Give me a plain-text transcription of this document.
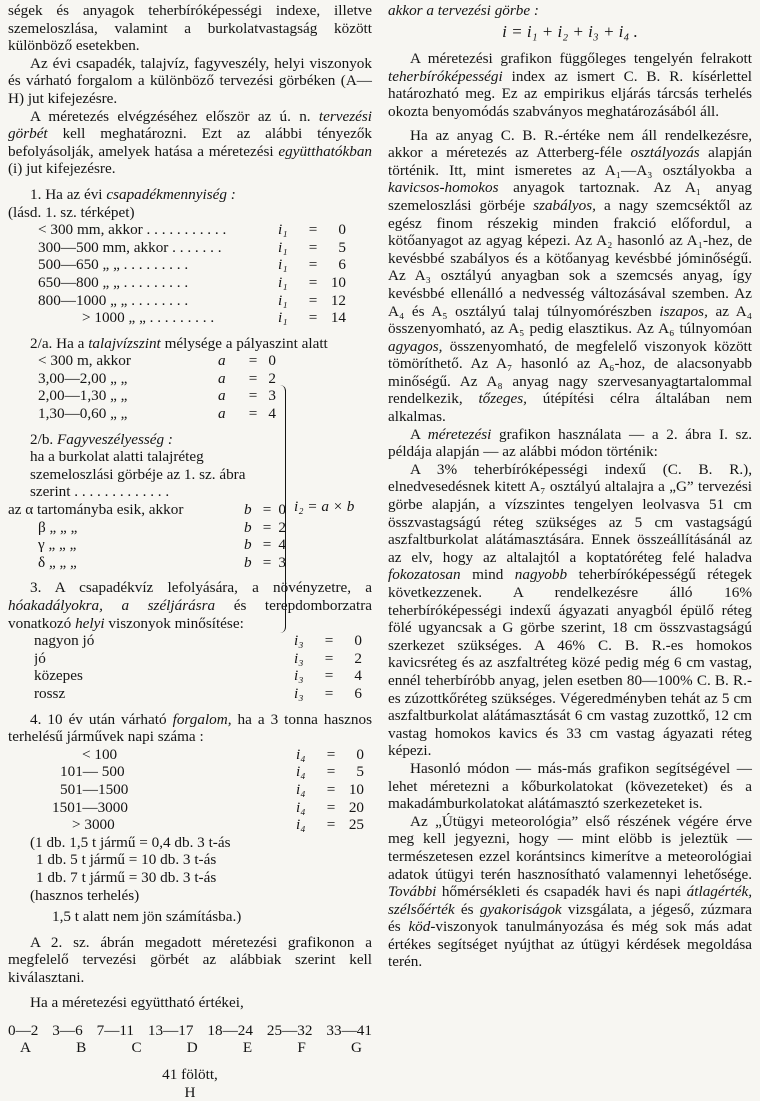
ségek és anyagok teherbíróképességi indexe, illetve szemeloszlása, valamint a burkolatvastagság között különböző esetekben.

Az évi csapadék, talajvíz, fagyveszély, helyi viszonyok és várható forgalom a különböző tervezési görbéken (A—H) jut kifejezésre.

A méretezés elvégzéséhez először az ú. n. tervezési görbét kell meghatározni. Ezt az alábbi tényezők befolyásolják, amelyek hatása a méretezési együtthatókban (i) jut kifejezésre.

1. Ha az évi csapadékmennyiség :
(lásd. 1. sz. térképet)

< 300 mm, akkor . . . . . . . . . . .	i₁	=	0
300—500 mm, akkor . . . . . . .	i₁	=	5
500—650 „ „ . . . . . . . . .	i₁	=	6
650—800 „ „ . . . . . . . . .	i₁	= 10
800—1000 „ „ . . . . . . . .	i₁	= 12
> 1000 „ „ . . . . . . . . .	i₁	= 14

2/a. Ha a talajvízszint mélysége a pályaszint alatt

< 300 m, akkor	a	= 0
3,00—2,00 „ „	a	= 2
2,00—1,30 „ „	a	= 3
1,30—0,60 „ „	a	= 4

2/b. Fagyveszélyesség :

ha a burkolat alatti talajréteg szemeloszlási görbéje az 1. sz. ábra szerint . . . . . . . . . . . . .

az α tartományba esik, akkor	b = 0
β „ „ „	b = 2
γ „ „ „	b = 4
δ „ „ „	b = 3
i₂ = a × b

3. A csapadékvíz lefolyására, a növényzetre, a hóakadályokra, a széljárásra és terepdomborzatra vonatkozó helyi viszonyok minősítése:

nagyon jó	i₃	=	0
jó	i₃	=	2
közepes	i₃	=	4
rossz	i₃	=	6

4. 10 év után várható forgalom, ha a 3 tonna hasznos terhelésű járművek napi száma :

< 100	i₄	=	0
101— 500	i₄	=	5
501—1500	i₄	= 10
1501—3000	i₄	= 20
> 3000	i₄	= 25
(1 db. 1,5 t jármű = 0,4 db. 3 t-ás
1 db. 5 t jármű = 10 db. 3 t-ás
1 db. 7 t jármű = 30 db. 3 t-ás
(hasznos terhelés)
1,5 t alatt nem jön számításba.)

A 2. sz. ábrán megadott méretezési grafikonon a megfelelő tervezési görbét az alábbiak szerint kell kiválasztani.

Ha a méretezési együttható értékei,

0—2 3—6 7—11 13—17 18—24 25—32 33—41
A	B	C	D	E	F	G

41 fölött,

H

akkor a tervezési görbe :

i = i₁ + i₂ + i₃ + i₄ .

A méretezési grafikon függőleges tengelyén felrakott teherbíróképességi index az ismert C. B. R. kísérlettel határozható meg. Ez az empirikus eljárás tárcsás terhelés okozta benyomódás szabványos meghatározásából áll.

Ha az anyag C. B. R.-értéke nem áll rendelkezésre, akkor a méretezés az Atterberg-féle osztályozás alapján történik. Itt, mint ismeretes az A₁—A₃ osztályokba a kavicsos-homokos anyagok tartoznak. Az A₁ anyag szemeloszlási görbéje szabályos, a nagy szemcséktől az egész finom részekig minden frakció előfordul, a kötőanyagot az agyag képezi. Az A₂ hasonló az A₁-hez, de kevésbbé szabályos és a kötőanyag kevésbbé jóminőségű. Az A₃ osztályú anyagban sok a szemcsés anyag, így kevésbbé ellenálló a nedvesség változásával szemben. Az A₄ és A₅ osztályú talaj túlnyomórészben iszapos, az A₄ összenyomható, az A₅ pedig elasztikus. Az A₆ túlnyomóan agyagos, összenyomható, de megfelelő viszonyok között tömöríthető. Az A₇ hasonló az A₆-hoz, de alacsonyabb minőségű. Az A₈ anyag nagy szervesanyagtartalommal rendelkezik, tőzeges, útépítési célra általában nem alkalmas.

A méretezési grafikon használata — a 2. ábra I. sz. példája alapján — az alábbi módon történik:

A 3% teherbíróképességi indexű (C. B. R.), elnedvesedésnek kitett A₇ osztályú altalajra a „G” tervezési görbe alapján, a vízszintes tengelyen leolvasva 51 cm összvastagságú réteg szükséges az 5 cm vastagságú aszfaltburkolat alátámasztására. Ennek összeállításánál az az elv, hogy az altalajtól a koptatóréteg felé haladva fokozatosan mind nagyobb teherbíróképességű rétegek következzenek. A rendelkezésre álló 16% teherbíróképességi indexű ágyazati anyagból épülő réteg fölé ugyancsak a G görbe szerint, 18 cm összvastagságú szerkezet szükséges. A 46% C. B. R.-es homokos kavicsréteg és az aszfaltréteg közé pedig még 6 cm vastag, ennél teherbíróbb anyag, jelen esetben 80—100% C. B. R.-es zúzottkőréteg szükséges. Végeredményben tehát az 5 cm aszfaltburkolat alátámasztását 6 cm vastag zuzottkő, 12 cm vastag homokos kavics és 33 cm vastag ágyazati réteg képezi.

Hasonló módon — más-más grafikon segítségével — lehet méretezni a kőburkolatokat (kövezeteket) és a makadámburkolatokat alátámasztó szerkezeteket is.

Az „Útügyi meteorológia” első részének végére érve meg kell jegyezni, hogy — mint elöbb is jeleztük — természetesen ezzel korántsincs kimerítve a meteorológiai adatok útügyi terén hasznosítható valamennyi lehetősége. További hőmérsékleti és csapadék havi és napi átlagérték, szélsőérték és gyakoriságok vizsgálata, a jégeső, zúzmara és köd-viszonyok tanulmányozása és még sok más adat értékes segítséget nyújthat az útügyi kérdések megoldása terén.
